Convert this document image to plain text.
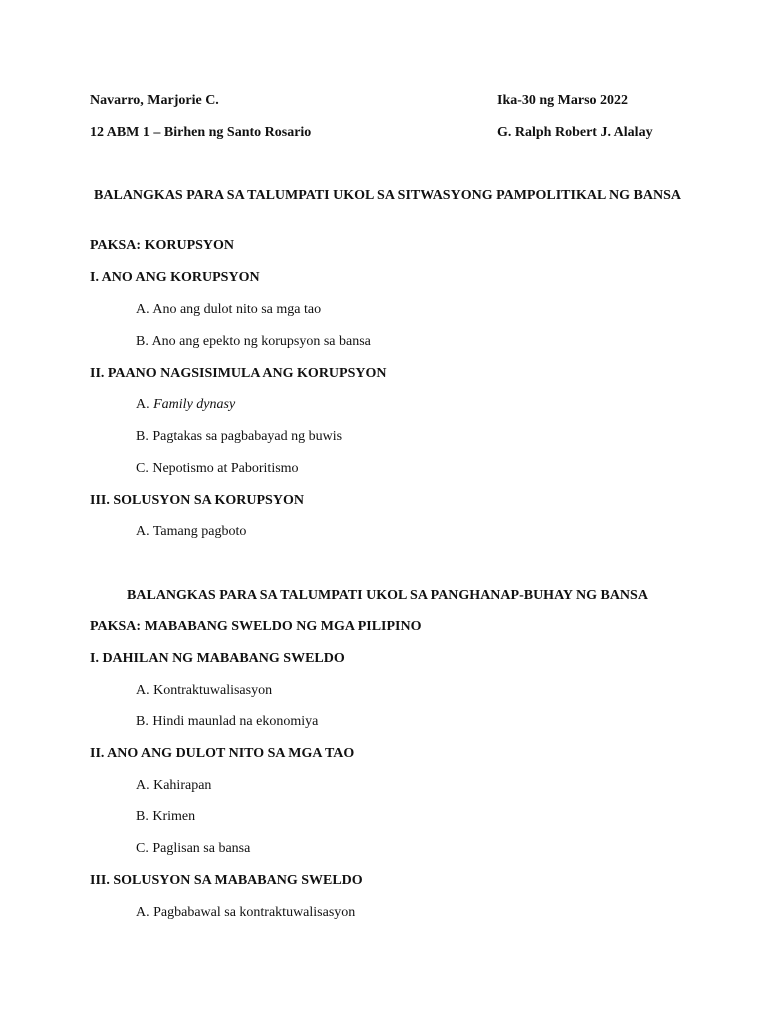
Navarro, Marjorie C.	Ika-30 ng Marso 2022
12 ABM 1 – Birhen ng Santo Rosario	G. Ralph Robert J. Alalay
BALANGKAS PARA SA TALUMPATI UKOL SA SITWASYONG PAMPOLITIKAL NG BANSA
PAKSA: KORUPSYON
I. ANO ANG KORUPSYON
A. Ano ang dulot nito sa mga tao
B. Ano ang epekto ng korupsyon sa bansa
II. PAANO NAGSISIMULA ANG KORUPSYON
A. Family dynasy
B. Pagtakas sa pagbabayad ng buwis
C. Nepotismo at Paboritismo
III. SOLUSYON SA KORUPSYON
A. Tamang pagboto
BALANGKAS PARA SA TALUMPATI UKOL SA PANGHANAP-BUHAY NG BANSA
PAKSA: MABABANG SWELDO NG MGA PILIPINO
I. DAHILAN NG MABABANG SWELDO
A. Kontraktuwalisasyon
B. Hindi maunlad na ekonomiya
II. ANO ANG DULOT NITO SA MGA TAO
A. Kahirapan
B. Krimen
C. Paglisan sa bansa
III. SOLUSYON SA MABABANG SWELDO
A. Pagbabawal sa kontraktuwalisasyon
